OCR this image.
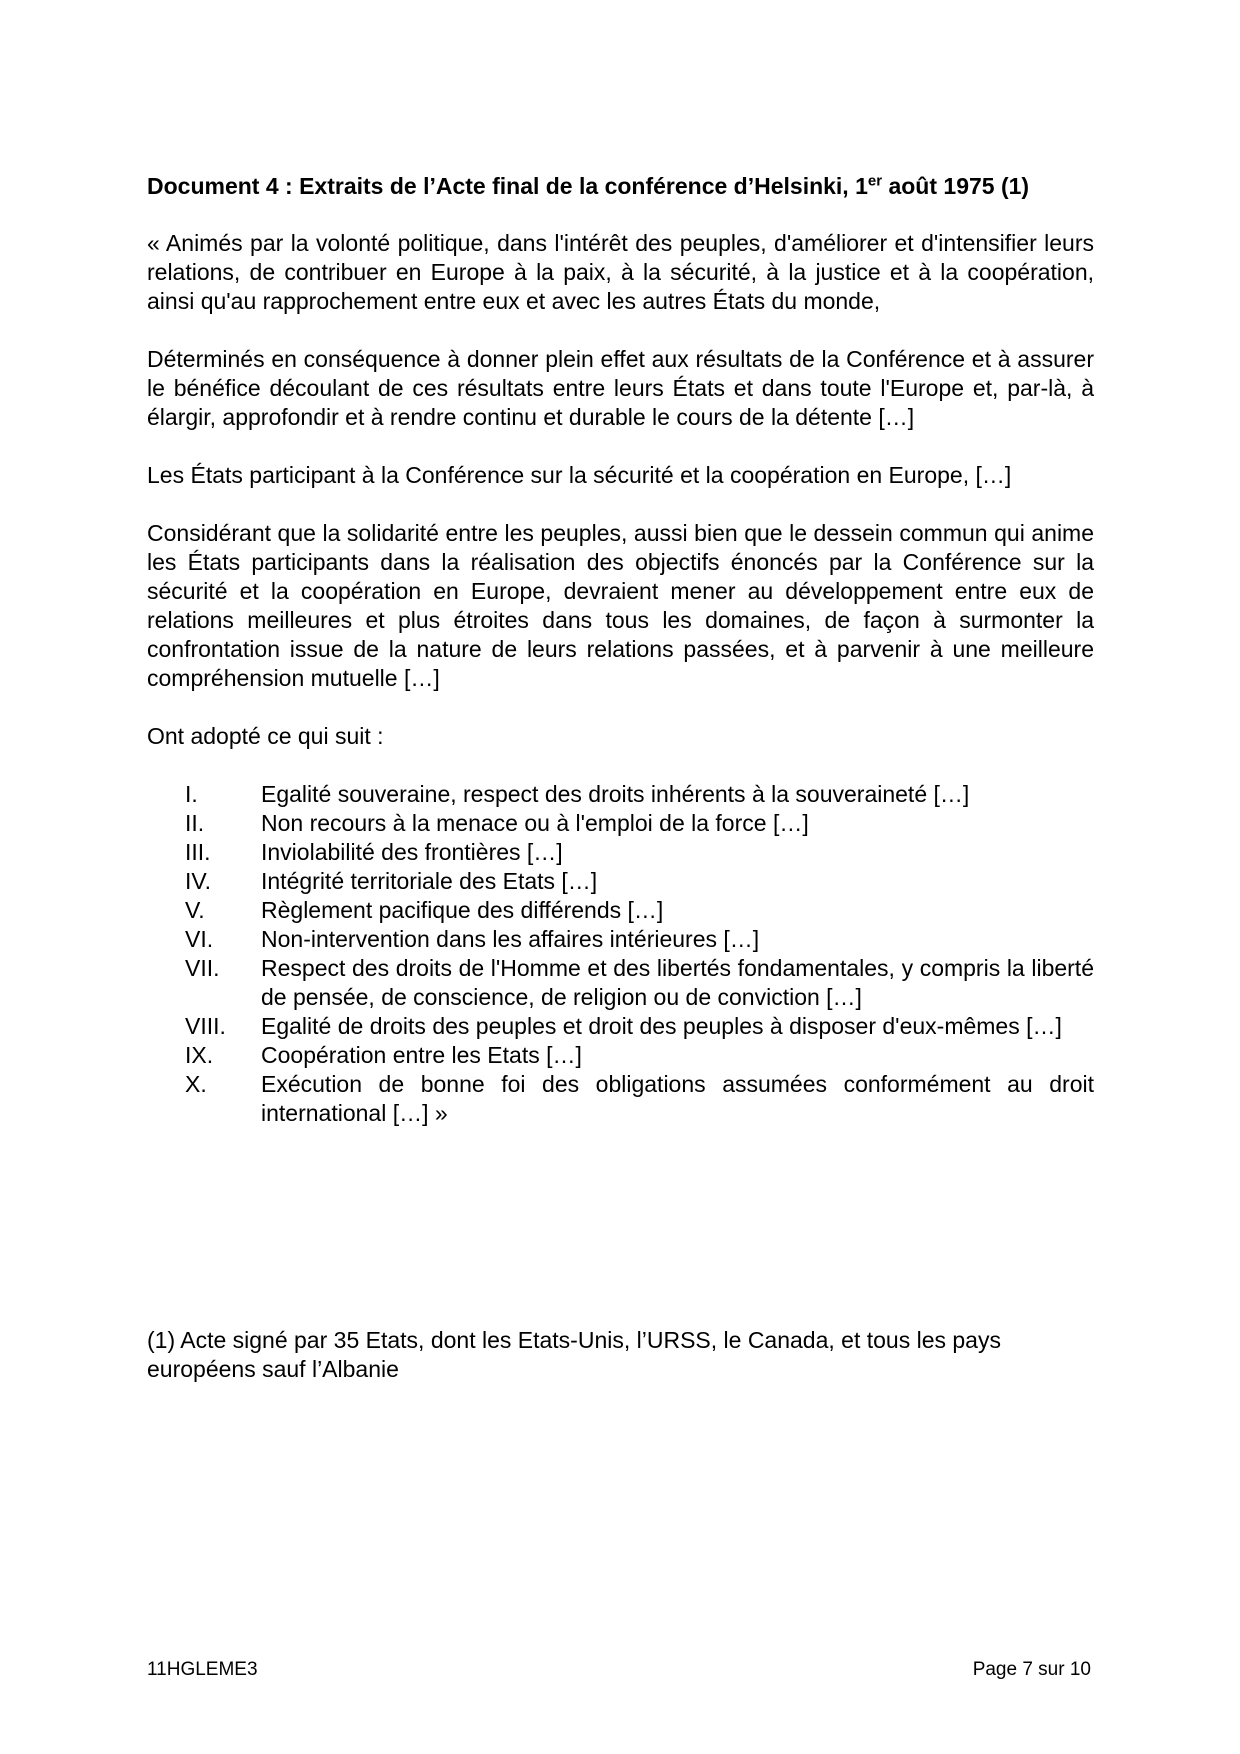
Document 4 : Extraits de l’Acte final de la conférence d’Helsinki, 1er août 1975 (1)

« Animés par la volonté politique, dans l'intérêt des peuples, d'améliorer et d'intensifier leurs relations, de contribuer en Europe à la paix, à la sécurité, à la justice et à la coopération, ainsi qu'au rapprochement entre eux et avec les autres États du monde,

Déterminés en conséquence à donner plein effet aux résultats de la Conférence et à assurer le bénéfice découlant de ces résultats entre leurs États et dans toute l'Europe et, par-là, à élargir, approfondir et à rendre continu et durable le cours de la détente […]

Les États participant à la Conférence sur la sécurité et la coopération en Europe, […]

Considérant que la solidarité entre les peuples, aussi bien que le dessein commun qui anime les États participants dans la réalisation des objectifs énoncés par la Conférence sur la sécurité et la coopération en Europe, devraient mener au développement entre eux de relations meilleures et plus étroites dans tous les domaines, de façon à surmonter la confrontation issue de la nature de leurs relations passées, et à parvenir à une meilleure compréhension mutuelle […]

Ont adopté ce qui suit :

I.	Egalité souveraine, respect des droits inhérents à la souveraineté […]
II.	Non recours à la menace ou à l'emploi de la force […]
III.	Inviolabilité des frontières […]
IV.	Intégrité territoriale des Etats […]
V.	Règlement pacifique des différends […]
VI.	Non-intervention dans les affaires intérieures […]
VII.	Respect des droits de l'Homme et des libertés fondamentales, y compris la liberté de pensée, de conscience, de religion ou de conviction […]
VIII.	Egalité de droits des peuples et droit des peuples à disposer d'eux-mêmes […]
IX.	Coopération entre les Etats […]
X.	Exécution de bonne foi des obligations assumées conformément au droit international […] »
(1) Acte signé par 35 Etats, dont les Etats-Unis, l’URSS, le Canada, et tous les pays européens sauf l’Albanie
11HGLEME3	Page 7 sur 10
